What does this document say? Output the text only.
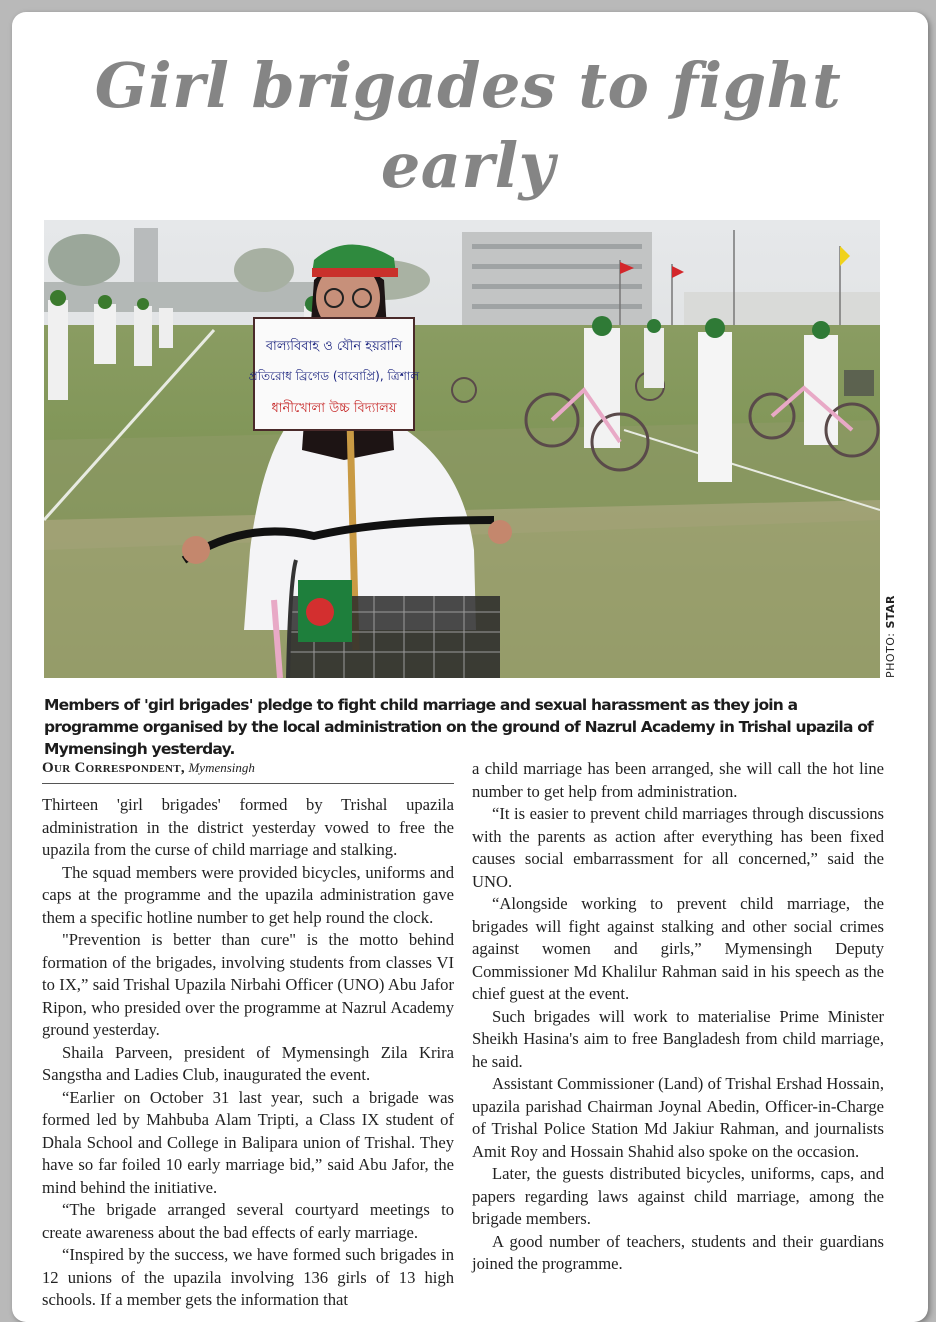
Girl brigades to fight early
বাল্যবিবাহ ও যৌন হয়রানি
প্রতিরোধ ব্রিগেড (বাবোপ্রি), ত্রিশাল
ধানীখোলা উচ্চ বিদ্যালয়
PHOTO: STAR
Members of 'girl brigades' pledge to fight child marriage and sexual harassment as they join a programme organised by the local administration on the ground of Nazrul Academy in Trishal upazila of Mymensingh yesterday.
Our Correspondent, Mymensingh

Thirteen 'girl brigades' formed by Trishal upazila administration in the district yesterday vowed to free the upazila from the curse of child marriage and stalking.

The squad members were provided bicycles, uniforms and caps at the programme and the upazila administration gave them a specific hotline number to get help round the clock.

"Prevention is better than cure" is the motto behind formation of the brigades, involving students from classes VI to IX,” said Trishal Upazila Nirbahi Officer (UNO) Abu Jafor Ripon, who presided over the programme at Nazrul Academy ground yesterday.

Shaila Parveen, president of Mymensingh Zila Krira Sangstha and Ladies Club, inaugurated the event.

“Earlier on October 31 last year, such a brigade was formed led by Mahbuba Alam Tripti, a Class IX student of Dhala School and College in Balipara union of Trishal. They have so far foiled 10 early marriage bid,” said Abu Jafor, the mind behind the initiative.

“The brigade arranged several courtyard meetings to create awareness about the bad effects of early marriage.

“Inspired by the success, we have formed such brigades in 12 unions of the upazila involving 136 girls of 13 high schools. If a member gets the information that

a child marriage has been arranged, she will call the hot line number to get help from administration.

“It is easier to prevent child marriages through discussions with the parents as action after everything has been fixed causes social embarrassment for all concerned,” said the UNO.

“Alongside working to prevent child marriage, the brigades will fight against stalking and other social crimes against women and girls,” Mymensingh Deputy Commissioner Md Khalilur Rahman said in his speech as the chief guest at the event.

Such brigades will work to materialise Prime Minister Sheikh Hasina's aim to free Bangladesh from child marriage, he said.

Assistant Commissioner (Land) of Trishal Ershad Hossain, upazila parishad Chairman Joynal Abedin, Officer-in-Charge of Trishal Police Station Md Jakiur Rahman, and journalists Amit Roy and Hossain Shahid also spoke on the occasion.

Later, the guests distributed bicycles, uniforms, caps, and papers regarding laws against child marriage, among the brigade members.

A good number of teachers, students and their guardians joined the programme.
